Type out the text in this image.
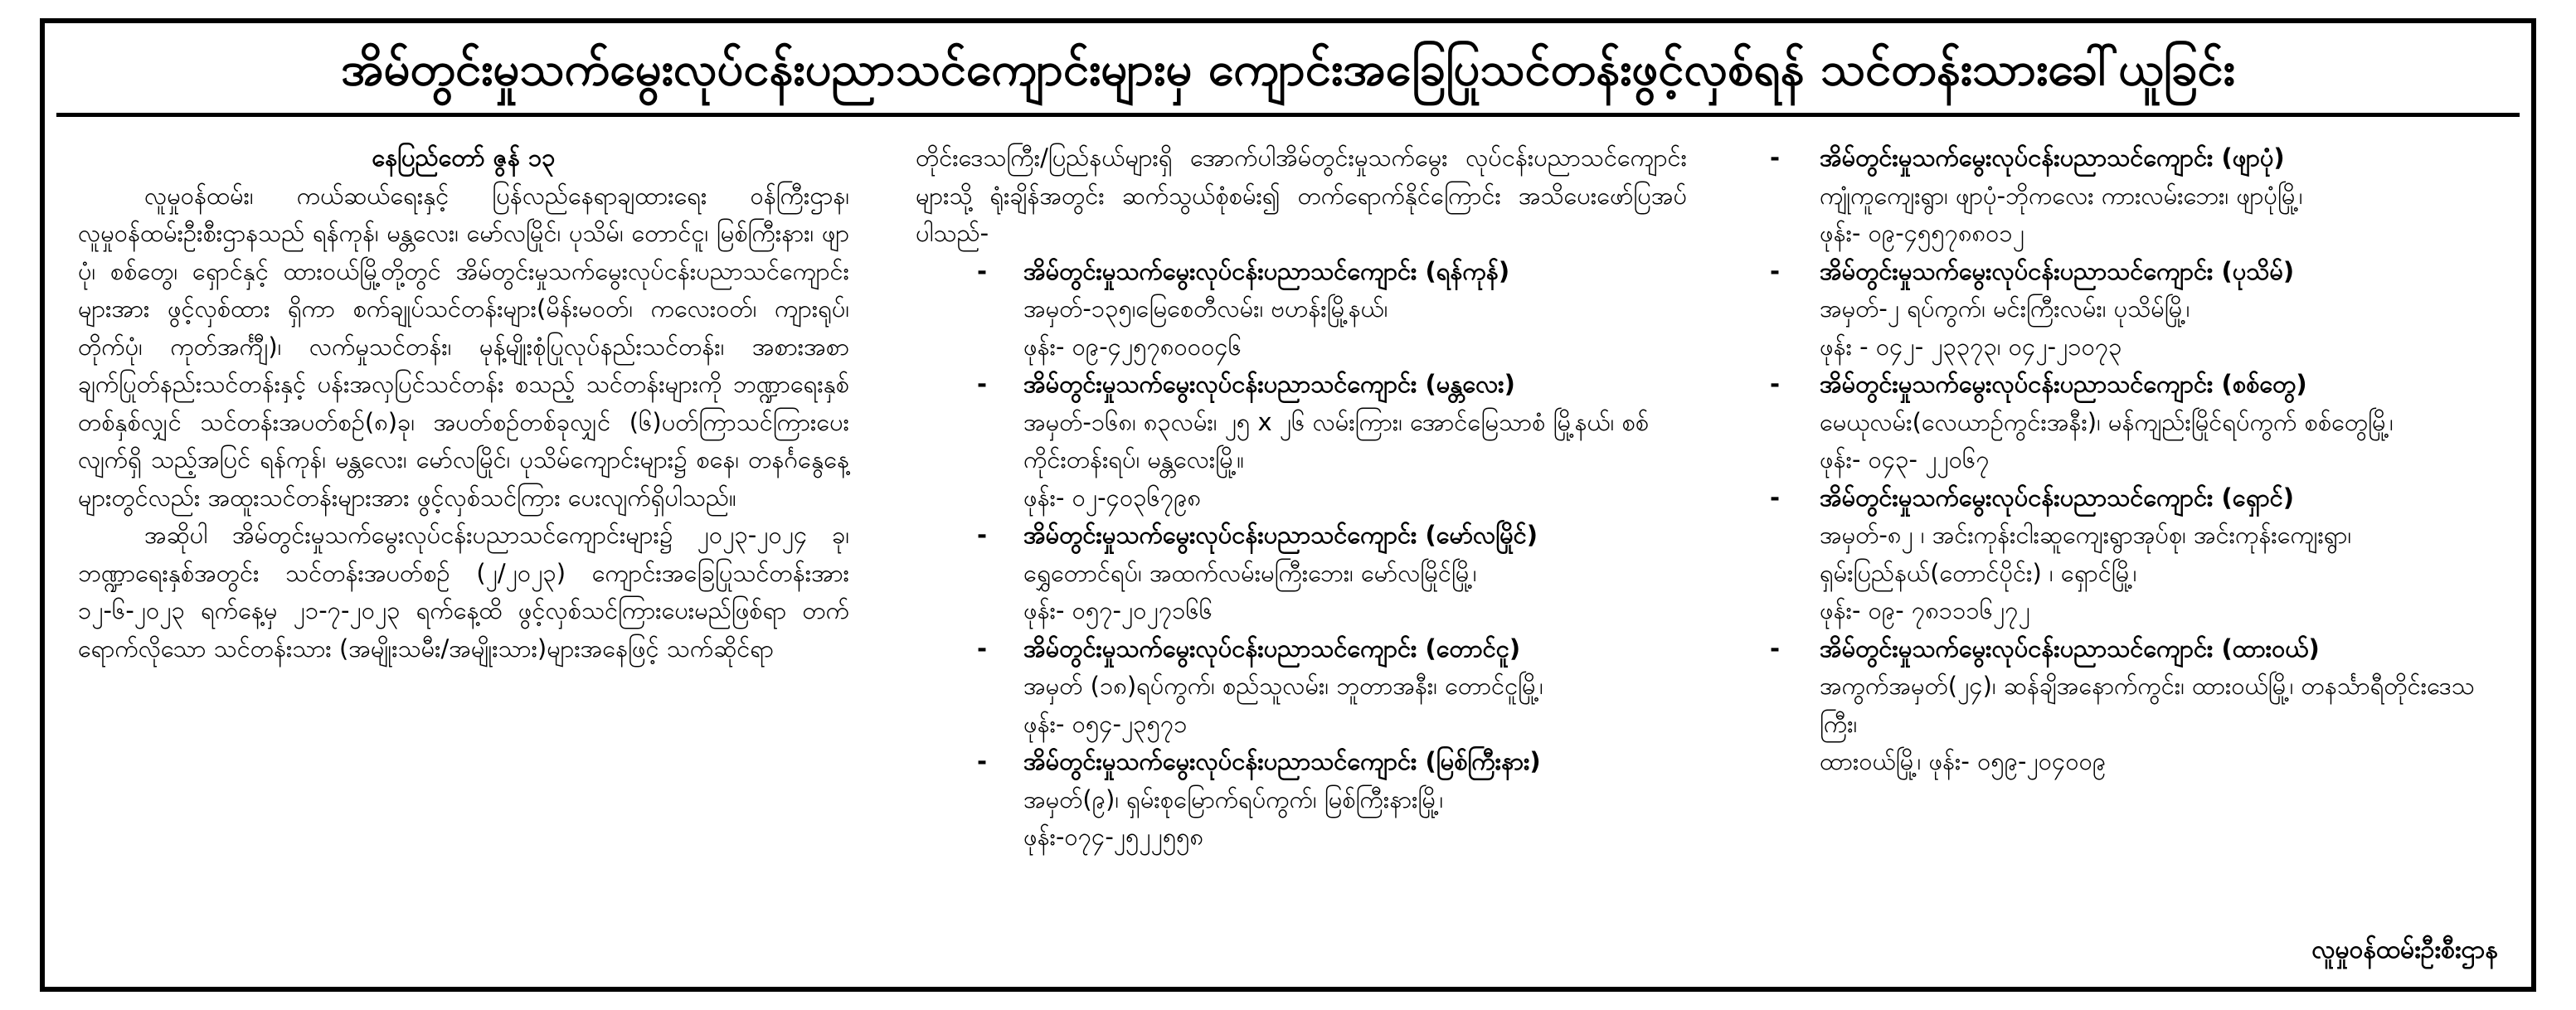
အိမ်တွင်းမှုသက်မွေးလုပ်ငန်းပညာသင်ကျောင်းများမှ ကျောင်းအခြေပြုသင်တန်းဖွင့်လှစ်ရန် သင်တန်းသားခေါ်ယူခြင်း
နေပြည်တော် ဇွန် ၁၃

လူမှုဝန်ထမ်း၊ ကယ်ဆယ်ရေးနှင့် ပြန်လည်နေရာချထားရေး ဝန်ကြီးဌာန၊ လူမှုဝန်ထမ်းဦးစီးဌာနသည် ရန်ကုန်၊ မန္တလေး၊ မော်လမြိုင်၊ ပုသိမ်၊ တောင်ငူ၊ မြစ်ကြီးနား၊ ဖျာပုံ၊ စစ်တွေ၊ ရှောင်နှင့် ထားဝယ်မြို့တို့တွင် အိမ်တွင်းမှုသက်မွေးလုပ်ငန်းပညာသင်ကျောင်းများအား ဖွင့်လှစ်ထား ရှိကာ စက်ချုပ်သင်တန်းများ(မိန်းမဝတ်၊ ကလေးဝတ်၊ ကျားရုပ်၊ တိုက်ပုံ၊ ကုတ်အင်္ကျီ)၊ လက်မှုသင်တန်း၊ မုန့်မျိုးစုံပြုလုပ်နည်းသင်တန်း၊ အစားအစာချက်ပြုတ်နည်းသင်တန်းနှင့် ပန်းအလှပြင်သင်တန်း စသည့် သင်တန်းများကို ဘဏ္ဍာရေးနှစ်တစ်နှစ်လျှင် သင်တန်းအပတ်စဉ်(၈)ခု၊ အပတ်စဉ်တစ်ခုလျှင် (၆)ပတ်ကြာသင်ကြားပေးလျက်ရှိ သည့်အပြင် ရန်ကုန်၊ မန္တလေး၊ မော်လမြိုင်၊ ပုသိမ်ကျောင်းများ၌ စနေ၊ တနင်္ဂနွေနေ့များတွင်လည်း အထူးသင်တန်းများအား ဖွင့်လှစ်သင်ကြား ပေးလျက်ရှိပါသည်။

အဆိုပါ အိမ်တွင်းမှုသက်မွေးလုပ်ငန်းပညာသင်ကျောင်းများ၌ ၂၀၂၃-၂၀၂၄ ခု၊ ဘဏ္ဍာရေးနှစ်အတွင်း သင်တန်းအပတ်စဉ် (၂/၂၀၂၃) ကျောင်းအခြေပြုသင်တန်းအား ၁၂-၆-၂၀၂၃ ရက်နေ့မှ ၂၁-၇-၂၀၂၃ ရက်နေ့ထိ ဖွင့်လှစ်သင်ကြားပေးမည်ဖြစ်ရာ တက်ရောက်လိုသော သင်တန်းသား (အမျိုးသမီး/အမျိုးသား)များအနေဖြင့် သက်ဆိုင်ရာ

တိုင်းဒေသကြီး/ပြည်နယ်များရှိ အောက်ပါအိမ်တွင်းမှုသက်မွေး လုပ်ငန်းပညာသင်ကျောင်းများသို့ ရုံးချိန်အတွင်း ဆက်သွယ်စုံစမ်း၍ တက်ရောက်နိုင်ကြောင်း အသိပေးဖော်ပြအပ်ပါသည်-
- အိမ်တွင်းမှုသက်မွေးလုပ်ငန်းပညာသင်ကျောင်း (ရန်ကုန်)
အမှတ်-၁၃၅၊မြေစေတီလမ်း၊ ဗဟန်းမြို့နယ်၊
ဖုန်း- ၀၉-၄၂၅၇၈၀၀၀၄၆
- အိမ်တွင်းမှုသက်မွေးလုပ်ငန်းပညာသင်ကျောင်း (မန္တလေး)
အမှတ်-၁၆၈၊ ၈၃လမ်း၊ ၂၅ x ၂၆ လမ်းကြား၊ အောင်မြေသာစံ မြို့နယ်၊ စစ်ကိုင်းတန်းရပ်၊ မန္တလေးမြို့။
ဖုန်း- ၀၂-၄၀၃၆၇၉၈
- အိမ်တွင်းမှုသက်မွေးလုပ်ငန်းပညာသင်ကျောင်း (မော်လမြိုင်)
ရွှေတောင်ရပ်၊ အထက်လမ်းမကြီးဘေး၊ မော်လမြိုင်မြို့၊
ဖုန်း- ၀၅၇-၂၀၂၇၁၆၆
- အိမ်တွင်းမှုသက်မွေးလုပ်ငန်းပညာသင်ကျောင်း (တောင်ငူ)
အမှတ် (၁၈)ရပ်ကွက်၊ စည်သူလမ်း၊ ဘူတာအနီး၊ တောင်ငူမြို့၊
ဖုန်း- ၀၅၄-၂၃၅၇၁
- အိမ်တွင်းမှုသက်မွေးလုပ်ငန်းပညာသင်ကျောင်း (မြစ်ကြီးနား)
အမှတ်(၉)၊ ရှမ်းစုမြောက်ရပ်ကွက်၊ မြစ်ကြီးနားမြို့၊
ဖုန်း-၀၇၄-၂၅၂၂၅၅၈
- အိမ်တွင်းမှုသက်မွေးလုပ်ငန်းပညာသင်ကျောင်း (ဖျာပုံ)
ကျုံကူကျေးရွာ၊ ဖျာပုံ-ဘိုကလေး ကားလမ်းဘေး၊ ဖျာပုံမြို့၊
ဖုန်း- ၀၉-၄၅၅၇၈၈၀၁၂
- အိမ်တွင်းမှုသက်မွေးလုပ်ငန်းပညာသင်ကျောင်း (ပုသိမ်)
အမှတ်-၂ ရပ်ကွက်၊ မင်းကြီးလမ်း၊ ပုသိမ်မြို့၊
ဖုန်း - ၀၄၂- ၂၃၃၇၃၊ ၀၄၂-၂၁၀၇၃
- အိမ်တွင်းမှုသက်မွေးလုပ်ငန်းပညာသင်ကျောင်း (စစ်တွေ)
မေယုလမ်း(လေယာဉ်ကွင်းအနီး)၊ မန်ကျည်းမြိုင်ရပ်ကွက် စစ်တွေမြို့၊
ဖုန်း- ၀၄၃- ၂၂၀၆၇
- အိမ်တွင်းမှုသက်မွေးလုပ်ငန်းပညာသင်ကျောင်း (ရှောင်)
အမှတ်-၈၂ ၊ အင်းကုန်းငါးဆူကျေးရွာအုပ်စု၊ အင်းကုန်းကျေးရွာ၊ ရှမ်းပြည်နယ်(တောင်ပိုင်း) ၊ ရှောင်မြို့၊
ဖုန်း- ၀၉- ၇၈၁၁၁၆၂၇၂
- အိမ်တွင်းမှုသက်မွေးလုပ်ငန်းပညာသင်ကျောင်း (ထားဝယ်)
အကွက်အမှတ်(၂၄)၊ ဆန်ချိအနောက်ကွင်း၊ ထားဝယ်မြို့၊ တနင်္သာရီတိုင်းဒေသကြီး၊
ထားဝယ်မြို့၊ ဖုန်း- ၀၅၉-၂၀၄၀၀၉
လူမှုဝန်ထမ်းဦးစီးဌာန
